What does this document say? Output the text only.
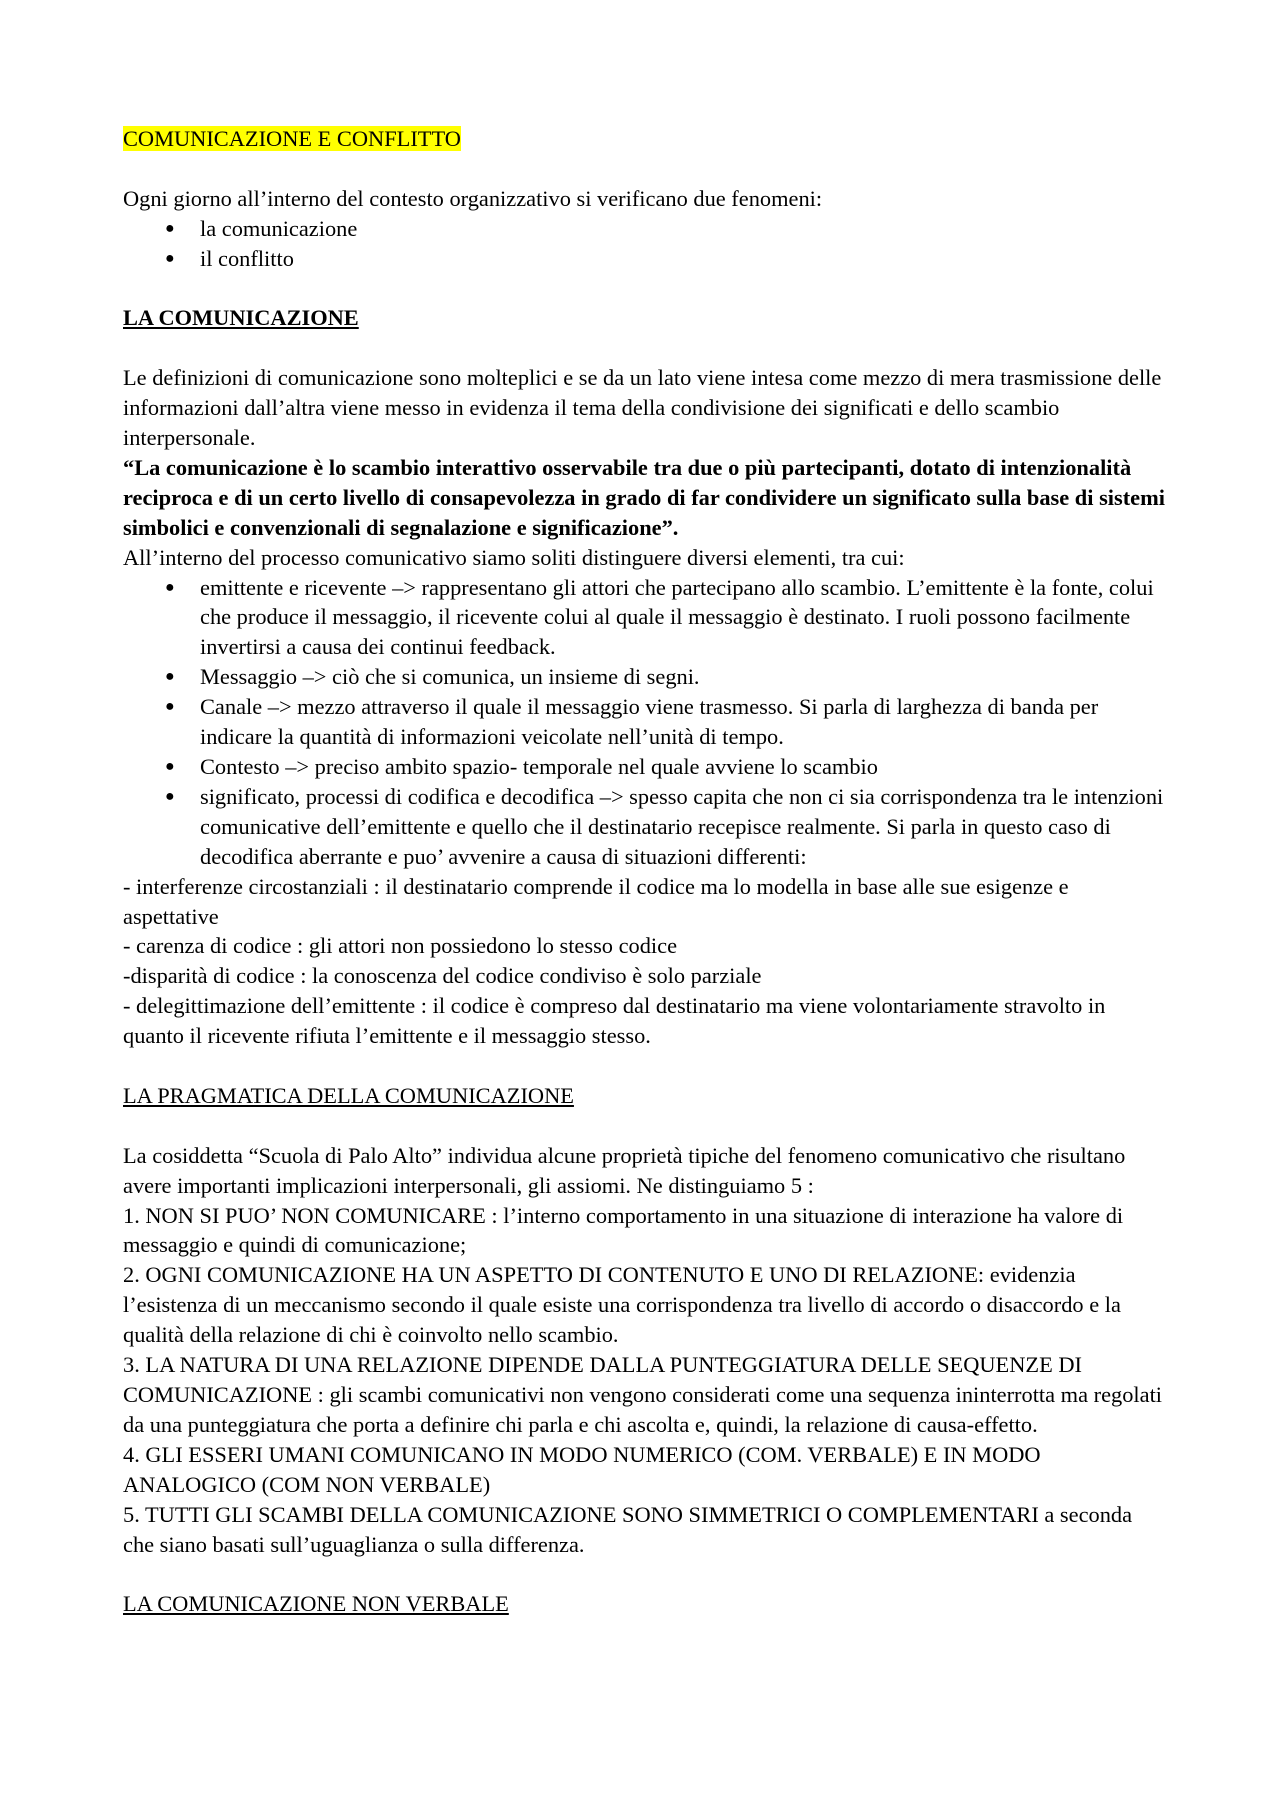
COMUNICAZIONE E CONFLITTO

Ogni giorno all’interno del contesto organizzativo si verificano due fenomeni:

● la comunicazione
● il conflitto

LA COMUNICAZIONE

Le definizioni di comunicazione sono molteplici e se da un lato viene intesa come mezzo di mera trasmissione delle informazioni dall’altra viene messo in evidenza il tema della condivisione dei significati e dello scambio interpersonale.

“La comunicazione è lo scambio interattivo osservabile tra due o più partecipanti, dotato di intenzionalità reciproca e di un certo livello di consapevolezza in grado di far condividere un significato sulla base di sistemi simbolici e convenzionali di segnalazione e significazione”.

All’interno del processo comunicativo siamo soliti distinguere diversi elementi, tra cui:

● emittente e ricevente –> rappresentano gli attori che partecipano allo scambio. L’emittente è la fonte, colui che produce il messaggio, il ricevente colui al quale il messaggio è destinato. I ruoli possono facilmente invertirsi a causa dei continui feedback.
● Messaggio –> ciò che si comunica, un insieme di segni.
● Canale –> mezzo attraverso il quale il messaggio viene trasmesso. Si parla di larghezza di banda per indicare la quantità di informazioni veicolate nell’unità di tempo.
● Contesto –> preciso ambito spazio- temporale nel quale avviene lo scambio
● significato, processi di codifica e decodifica –> spesso capita che non ci sia corrispondenza tra le intenzioni comunicative dell’emittente e quello che il destinatario recepisce realmente. Si parla in questo caso di decodifica aberrante e puo’ avvenire a causa di situazioni differenti:

- interferenze circostanziali : il destinatario comprende il codice ma lo modella in base alle sue esigenze e aspettative

- carenza di codice : gli attori non possiedono lo stesso codice

-disparità di codice : la conoscenza del codice condiviso è solo parziale

- delegittimazione dell’emittente : il codice è compreso dal destinatario ma viene volontariamente stravolto in quanto il ricevente rifiuta l’emittente e il messaggio stesso.

LA PRAGMATICA DELLA COMUNICAZIONE

La cosiddetta “Scuola di Palo Alto” individua alcune proprietà tipiche del fenomeno comunicativo che risultano avere importanti implicazioni interpersonali, gli assiomi. Ne distinguiamo 5 :

1. NON SI PUO’ NON COMUNICARE : l’interno comportamento in una situazione di interazione ha valore di messaggio e quindi di comunicazione;

2. OGNI COMUNICAZIONE HA UN ASPETTO DI CONTENUTO E UNO DI RELAZIONE: evidenzia l’esistenza di un meccanismo secondo il quale esiste una corrispondenza tra livello di accordo o disaccordo e la qualità della relazione di chi è coinvolto nello scambio.

3. LA NATURA DI UNA RELAZIONE DIPENDE DALLA PUNTEGGIATURA DELLE SEQUENZE DI COMUNICAZIONE : gli scambi comunicativi non vengono considerati come una sequenza ininterrotta ma regolati da una punteggiatura che porta a definire chi parla e chi ascolta e, quindi, la relazione di causa-effetto.

4. GLI ESSERI UMANI COMUNICANO IN MODO NUMERICO (COM. VERBALE) E IN MODO ANALOGICO (COM NON VERBALE)

5. TUTTI GLI SCAMBI DELLA COMUNICAZIONE SONO SIMMETRICI O COMPLEMENTARI a seconda che siano basati sull’uguaglianza o sulla differenza.

LA COMUNICAZIONE NON VERBALE
